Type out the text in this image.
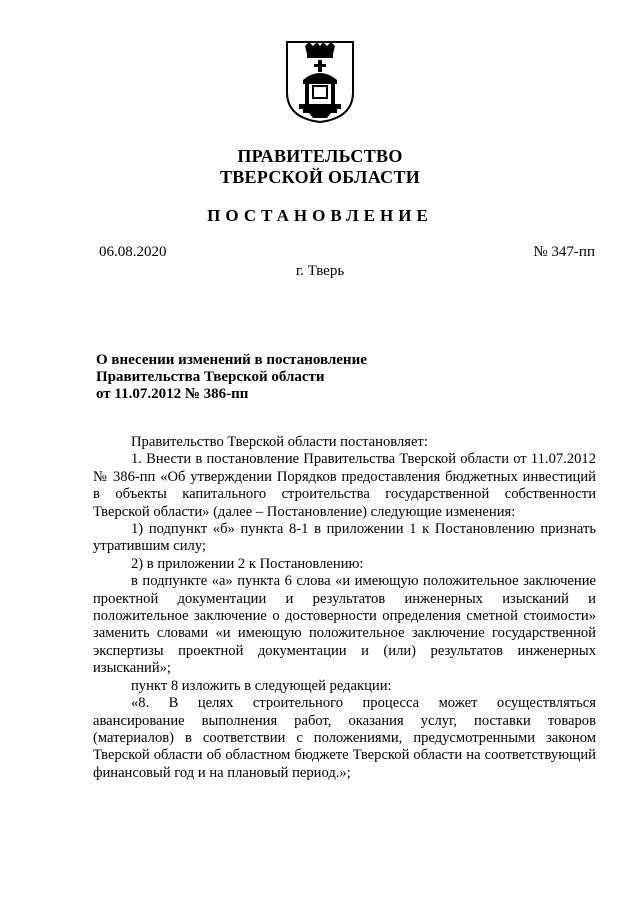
ПРАВИТЕЛЬСТВО
ТВЕРСКОЙ ОБЛАСТИ
ПОСТАНОВЛЕНИЕ
06.08.2020	№ 347-пп
г. Тверь
О внесении изменений в постановление
Правительства Тверской области
от 11.07.2012 № 386-пп

Правительство Тверской области постановляет:

1. Внести в постановление Правительства Тверской области от 11.07.2012 № 386-пп «Об утверждении Порядков предоставления бюджетных инвестиций в объекты капитального строительства государственной собственности Тверской области» (далее – Постановление) следующие изменения:

1) подпункт «б» пункта 8-1 в приложении 1 к Постановлению признать утратившим силу;

2) в приложении 2 к Постановлению:

в подпункте «а» пункта 6 слова «и имеющую положительное заключение проектной документации и результатов инженерных изысканий и положительное заключение о достоверности определения сметной стоимости» заменить словами «и имеющую положительное заключение государственной экспертизы проектной документации и (или) результатов инженерных изысканий»;

пункт 8 изложить в следующей редакции:

«8. В целях строительного процесса может осуществляться авансирование выполнения работ, оказания услуг, поставки товаров (материалов) в соответствии с положениями, предусмотренными законом Тверской области об областном бюджете Тверской области на соответствующий финансовый год и на плановый период.»;
